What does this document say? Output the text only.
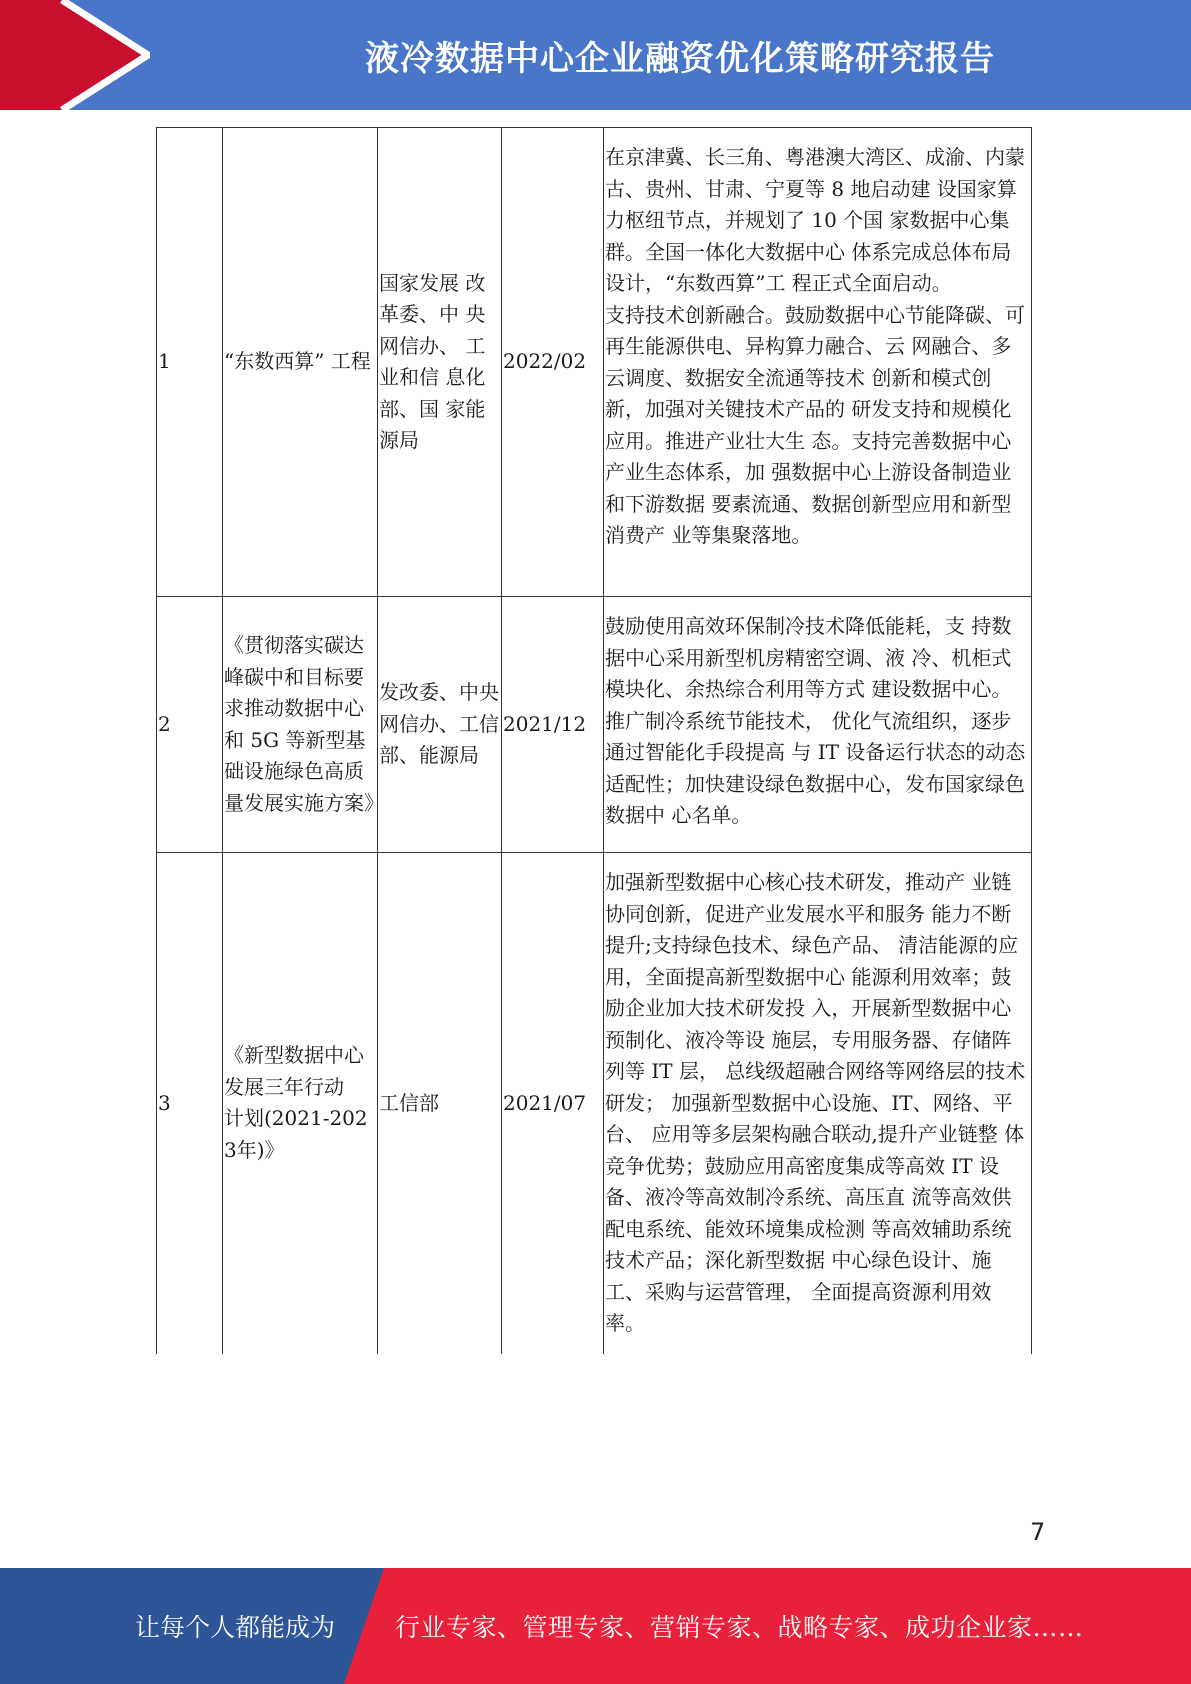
液冷数据中心企业融资优化策略研究报告
1	“东数西算” 工程	国家发展 改革委、中 央网信办、 工业和信 息化部、国 家能源局	2022/02	在京津冀、长三角、粤港澳大湾区、成渝、内蒙古、贵州、甘肃、宁夏等 8 地启动建 设国家算力枢纽节点，并规划了 10 个国 家数据中心集群。全国一体化大数据中心 体系完成总体布局设计，“东数西算”工 程正式全面启动。
支持技术创新融合。鼓励数据中心节能降碳、可再生能源供电、异构算力融合、云 网融合、多云调度、数据安全流通等技术 创新和模式创新，加强对关键技术产品的 研发支持和规模化应用。推进产业壮大生 态。支持完善数据中心产业生态体系，加 强数据中心上游设备制造业和下游数据 要素流通、数据创新型应用和新型消费产 业等集聚落地。

2	《贯彻落实碳达峰碳中和目标要求推动数据中心和 5G 等新型基础设施绿色高质量发展实施方案》	发改委、中央网信办、工信部、能源局	2021/12	鼓励使用高效环保制冷技术降低能耗，支 持数据中心采用新型机房精密空调、液 冷、机柜式模块化、余热综合利用等方式 建设数据中心。推广制冷系统节能技术， 优化气流组织，逐步通过智能化手段提高 与 IT 设备运行状态的动态适配性；加快建设绿色数据中心，发布国家绿色数据中 心名单。

3	《新型数据中心发展三年行动　计划(2021-2023年)》	工信部	2021/07	加强新型数据中心核心技术研发，推动产 业链协同创新，促进产业发展水平和服务 能力不断提升;支持绿色技术、绿色产品、 清洁能源的应用，全面提高新型数据中心 能源利用效率；鼓励企业加大技术研发投 入，开展新型数据中心预制化、液冷等设 施层，专用服务器、存储阵列等 IT 层， 总线级超融合网络等网络层的技术研发； 加强新型数据中心设施、IT、网络、平台、 应用等多层架构融合联动,提升产业链整 体竞争优势；鼓励应用高密度集成等高效 IT 设备、液冷等高效制冷系统、高压直 流等高效供配电系统、能效环境集成检测 等高效辅助系统技术产品；深化新型数据 中心绿色设计、施工、采购与运营管理， 全面提高资源利用效率。
7
让每个人都能成为	行业专家、管理专家、营销专家、战略专家、成功企业家……
